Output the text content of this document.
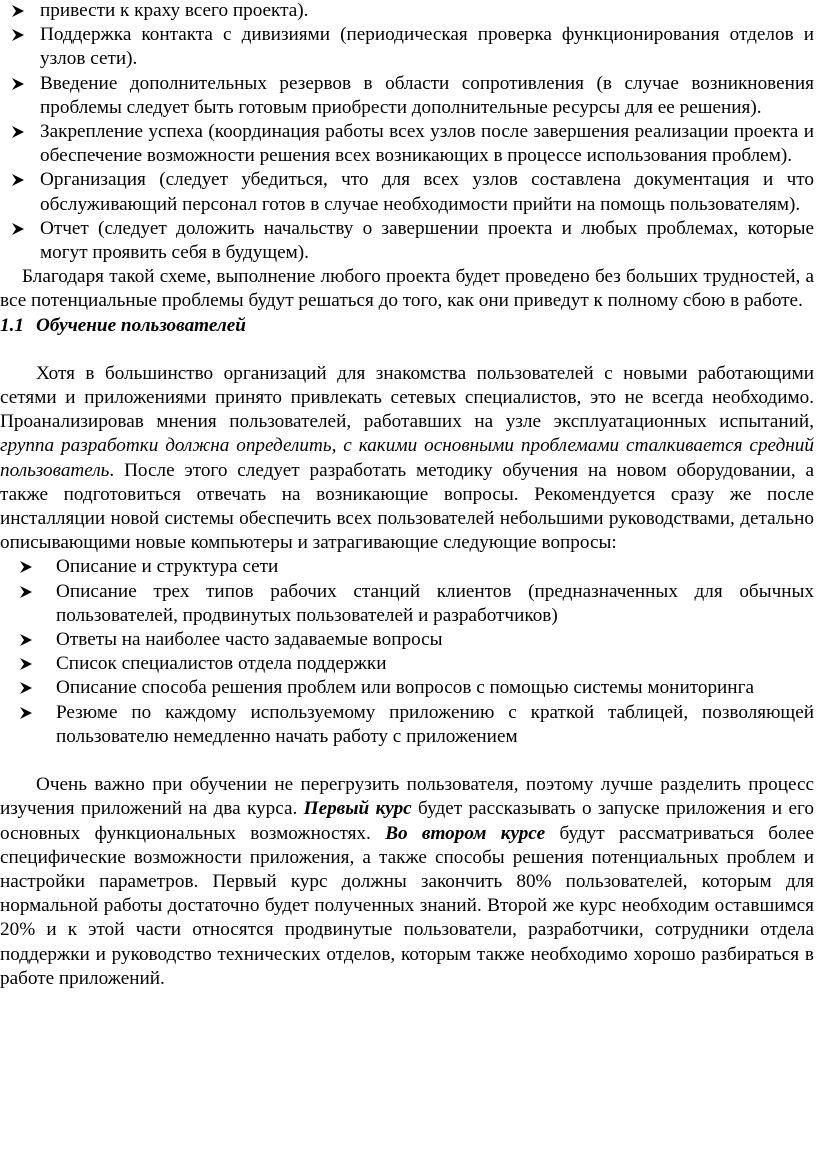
привести к краху всего проекта).
Поддержка контакта с дивизиями (периодическая проверка функционирования отделов и узлов сети).
Введение дополнительных резервов в области сопротивления (в случае возникновения проблемы следует быть готовым приобрести дополнительные ресурсы для ее решения).
Закрепление успеха (координация работы всех узлов после завершения реализации проекта и обеспечение возможности решения всех возникающих в процессе использования проблем).
Организация (следует убедиться, что для всех узлов составлена документация и что обслуживающий персонал готов в случае необходимости прийти на помощь пользователям).
Отчет (следует доложить начальству о завершении проекта и любых проблемах, которые могут проявить себя в будущем).

Благодаря такой схеме, выполнение любого проекта будет проведено без больших трудностей, а все потенциальные проблемы будут решаться до того, как они приведут к полному сбою в работе.

1.1 Обучение пользователей

Хотя в большинство организаций для знакомства пользователей с новыми работающими сетями и приложениями принято привлекать сетевых специалистов, это не всегда необходимо. Проанализировав мнения пользователей, работавших на узле эксплуатационных испытаний, группа разработки должна определить, с какими основными проблемами сталкивается средний пользователь. После этого следует разработать методику обучения на новом оборудовании, а также подготовиться отвечать на возникающие вопросы. Рекомендуется сразу же после инсталляции новой системы обеспечить всех пользователей небольшими руководствами, детально описывающими новые компьютеры и затрагивающие следующие вопросы:

Описание и структура сети
Описание трех типов рабочих станций клиентов (предназначенных для обычных пользователей, продвинутых пользователей и разработчиков)
Ответы на наиболее часто задаваемые вопросы
Список специалистов отдела поддержки
Описание способа решения проблем или вопросов с помощью системы мониторинга
Резюме по каждому используемому приложению с краткой таблицей, позволяющей пользователю немедленно начать работу с приложением

Очень важно при обучении не перегрузить пользователя, поэтому лучше разделить процесс изучения приложений на два курса. Первый курс будет рассказывать о запуске приложения и его основных функциональных возможностях. Во втором курсе будут рассматриваться более специфические возможности приложения, а также способы решения потенциальных проблем и настройки параметров. Первый курс должны закончить 80% пользователей, которым для нормальной работы достаточно будет полученных знаний. Второй же курс необходим оставшимся 20% и к этой части относятся продвинутые пользователи, разработчики, сотрудники отдела поддержки и руководство технических отделов, которым также необходимо хорошо разбираться в работе приложений.
